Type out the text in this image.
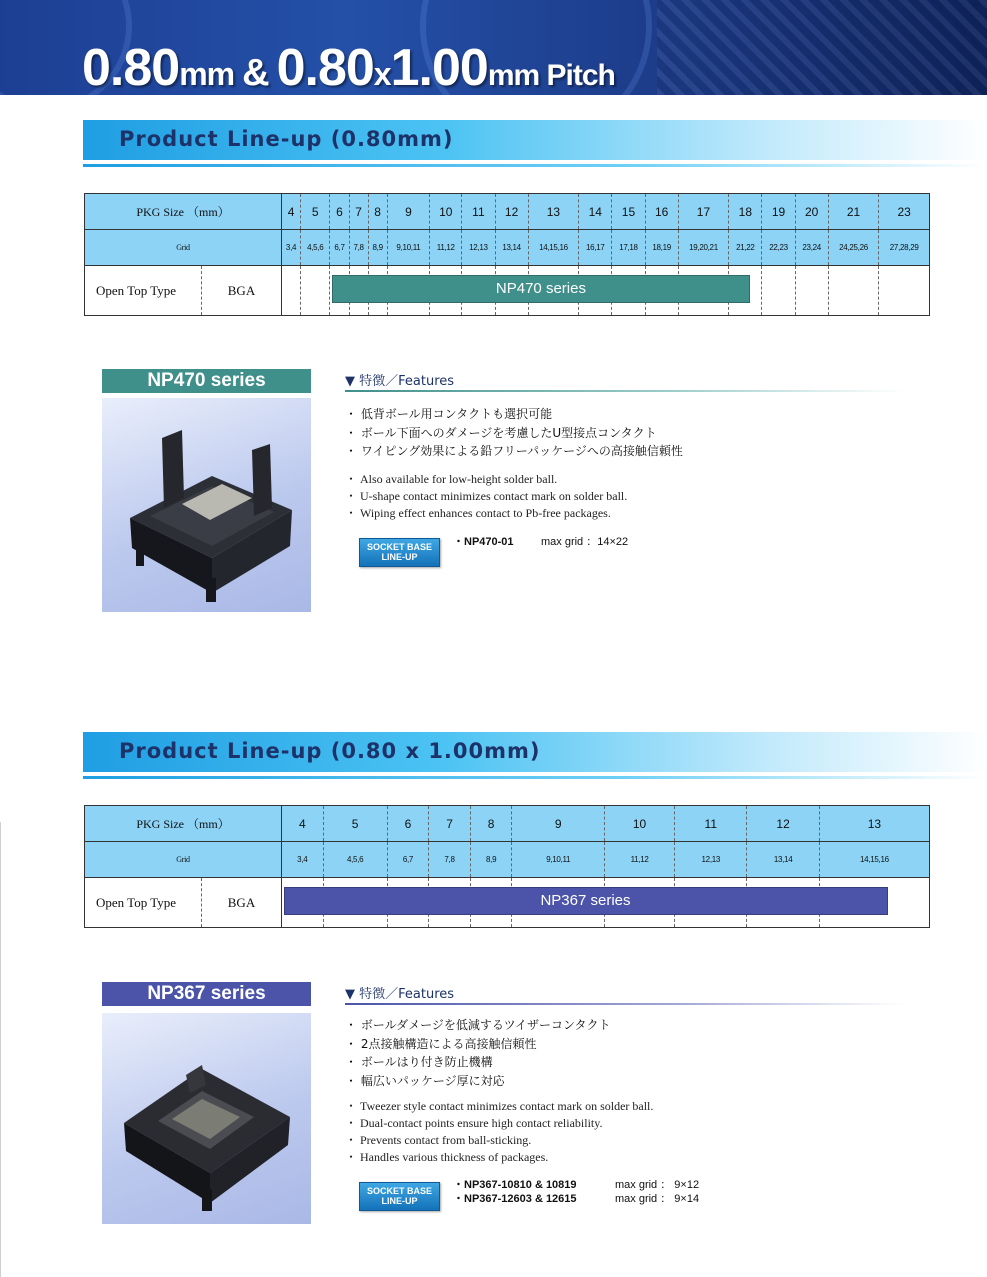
0.80mm & 0.80x1.00mm Pitch
Product Line-up (0.80mm)
PKG Size （mm）		4	5	6	7	8	9	10	11	12	13	14	15	16	17	18	19	20	21	23
Grid		3,4	4,5,6	6,7	7,8	8,9	9,10,11	11,12	12,13	13,14	14,15,16	16,17	17,18	18,19	19,20,21	21,22	22,23	23,24	24,25,26	27,28,29
Open Top Type	BGA																				NP470 series
NP470 series	▼ 特徴／Features
・ 低背ボール用コンタクトも選択可能
・ ボール下面へのダメージを考慮したU型接点コンタクト
・ ワイピング効果による鉛フリーパッケージへの高接触信頼性
・ Also available for low-height solder ball.
・ U-shape contact minimizes contact mark on solder ball.
・ Wiping effect enhances contact to Pb-free packages.
SOCKET BASE
LINE-UP
・NP470-01 max grid ：14×22
Product Line-up (0.80 x 1.00mm)
PKG Size （mm）		4	5	6	7	8	9	10	11	12	13
Grid		3,4	4,5,6	6,7	7,8	8,9	9,10,11	11,12	12,13	13,14	14,15,16
Open Top Type	BGA											NP367 series
NP367 series	▼ 特徴／Features
・ ボールダメージを低減するツイザーコンタクト
・ 2点接触構造による高接触信頼性
・ ボールはり付き防止機構
・ 幅広いパッケージ厚に対応
・ Tweezer style contact minimizes contact mark on solder ball.
・ Dual-contact points ensure high contact reliability.
・ Prevents contact from ball-sticking.
・ Handles various thickness of packages.
SOCKET BASE
LINE-UP
・NP367-10810 & 10819	max grid ： 9×12
・NP367-12603 & 12615	max grid ： 9×14
